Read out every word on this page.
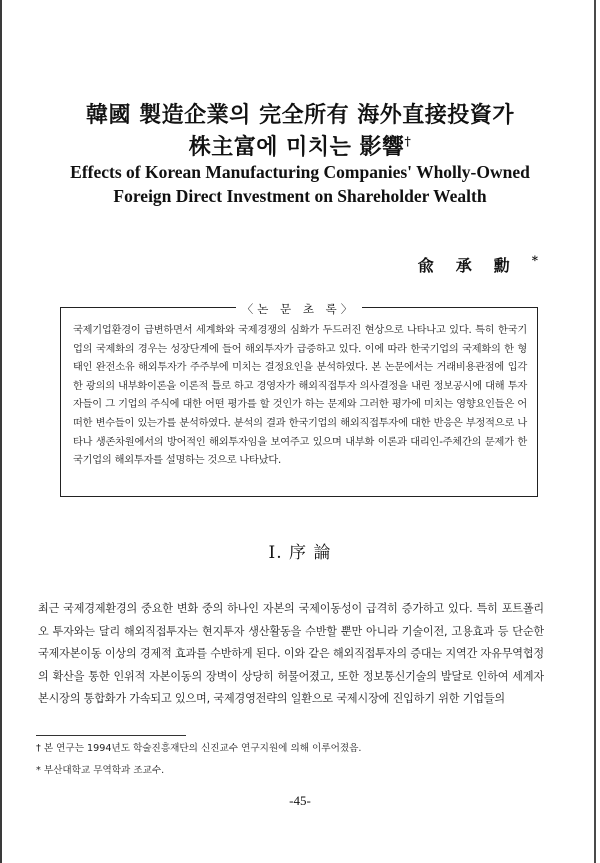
韓國 製造企業의 完全所有 海外直接投資가
株主富에 미치는 影響†
Effects of Korean Manufacturing Companies' Wholly-Owned
Foreign Direct Investment on Shareholder Wealth
兪承勳*
〈논 문 초 록〉
국제기업환경이 급변하면서 세계화와 국제경쟁의 심화가 두드러진 현상으로 나타나고 있다. 특히 한국기업의 국제화의 경우는 성장단계에 들어 해외투자가 급증하고 있다. 이에 따라 한국기업의 국제화의 한 형태인 완전소유 해외투자가 주주부에 미치는 결정요인을 분석하였다. 본 논문에서는 거래비용관점에 입각한 광의의 내부화이론을 이론적 틀로 하고 경영자가 해외직접투자 의사결정을 내린 정보공시에 대해 투자자들이 그 기업의 주식에 대한 어떤 평가를 할 것인가 하는 문제와 그러한 평가에 미치는 영향요인들은 어떠한 변수들이 있는가를 분석하였다. 분석의 결과 한국기업의 해외직접투자에 대한 반응은 부정적으로 나타나 생존차원에서의 방어적인 해외투자임을 보여주고 있으며 내부화 이론과 대리인-주체간의 문제가 한국기업의 해외투자를 설명하는 것으로 나타났다.
I. 序 論
최근 국제경제환경의 중요한 변화 중의 하나인 자본의 국제이동성이 급격히 증가하고 있다. 특히 포트폴리오 투자와는 달리 해외직접투자는 현지투자 생산활동을 수반할 뿐만 아니라 기술이전, 고용효과 등 단순한 국제자본이동 이상의 경제적 효과를 수반하게 된다. 이와 같은 해외직접투자의 증대는 지역간 자유무역협정의 확산을 통한 인위적 자본이동의 장벽이 상당히 허물어졌고, 또한 정보통신기술의 발달로 인하여 세계자본시장의 통합화가 가속되고 있으며, 국제경영전략의 일환으로 국제시장에 진입하기 위한 기업들의
† 본 연구는 1994년도 학술진흥재단의 신진교수 연구지원에 의해 이루어졌음.
* 부산대학교 무역학과 조교수.
-45-
